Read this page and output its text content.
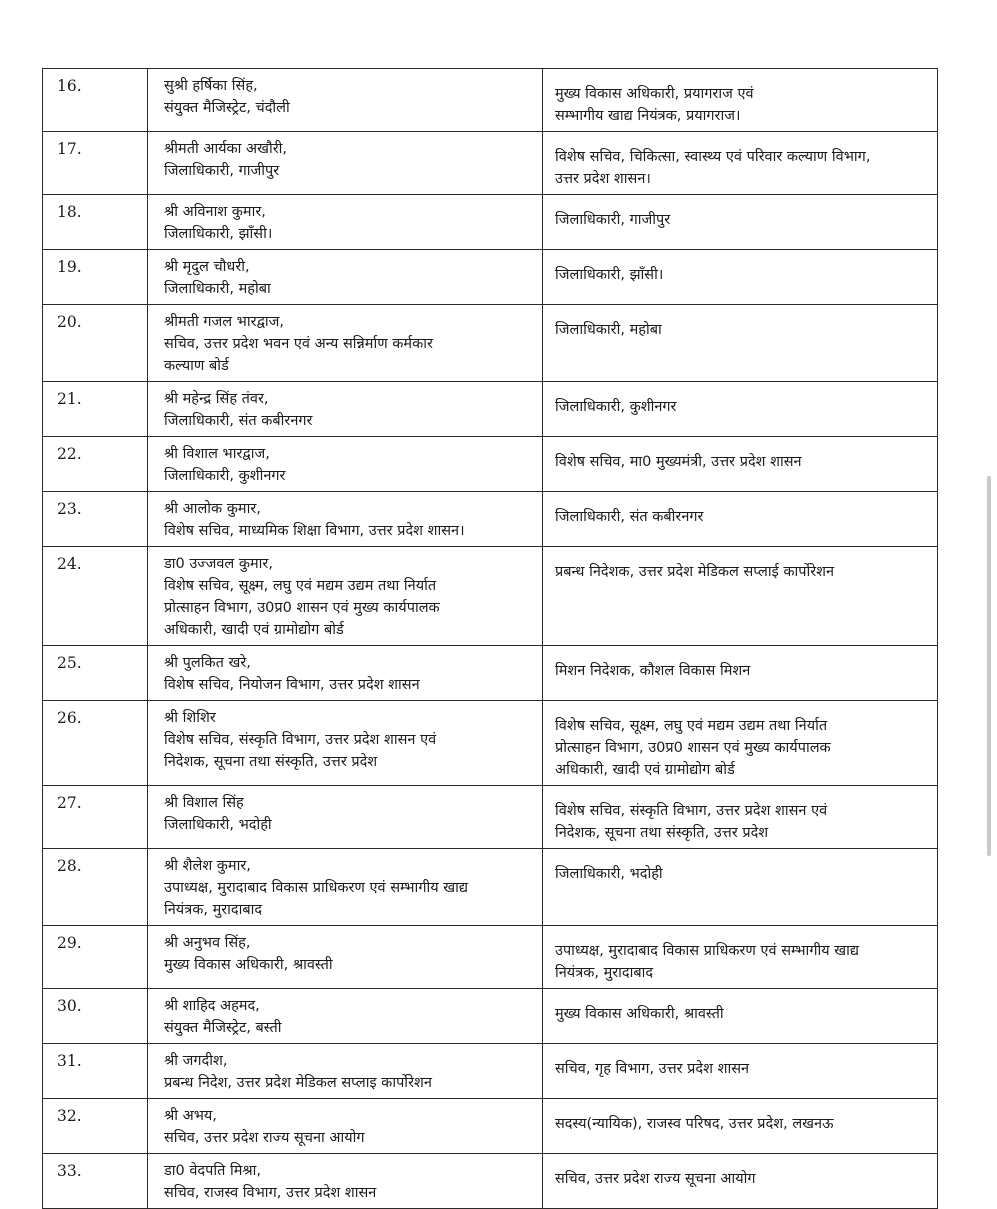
16.	सुश्री हर्षिका सिंह,
संयुक्त मैजिस्ट्रेट, चंदौली	मुख्य विकास अधिकारी, प्रयागराज एवं
सम्भागीय खाद्य नियंत्रक, प्रयागराज।

17.	श्रीमती आर्यका अखौरी,
जिलाधिकारी, गाजीपुर	विशेष सचिव, चिकित्सा, स्वास्थ्य एवं परिवार कल्याण विभाग,
उत्तर प्रदेश शासन।

18.	श्री अविनाश कुमार,
जिलाधिकारी, झाँसी।	जिलाधिकारी, गाजीपुर

19.	श्री मृदुल चौधरी,
जिलाधिकारी, महोबा	जिलाधिकारी, झाँसी।

20.	श्रीमती गजल भारद्वाज,
सचिव, उत्तर प्रदेश भवन एवं अन्य सन्निर्माण कर्मकार
कल्याण बोर्ड	जिलाधिकारी, महोबा

21.	श्री महेन्द्र सिंह तंवर,
जिलाधिकारी, संत कबीरनगर	जिलाधिकारी, कुशीनगर

22.	श्री विशाल भारद्वाज,
जिलाधिकारी, कुशीनगर	विशेष सचिव, मा0 मुख्यमंत्री, उत्तर प्रदेश शासन

23.	श्री आलोक कुमार,
विशेष सचिव, माध्यमिक शिक्षा विभाग, उत्तर प्रदेश शासन।	जिलाधिकारी, संत कबीरनगर

24.	डा0 उज्जवल कुमार,
विशेष सचिव, सूक्ष्म, लघु एवं मद्यम उद्यम तथा निर्यात
प्रोत्साहन विभाग, उ0प्र0 शासन एवं मुख्य कार्यपालक
अधिकारी, खादी एवं ग्रामोद्योग बोर्ड	प्रबन्ध निदेशक, उत्तर प्रदेश मेडिकल सप्लाई कार्पोरेशन

25.	श्री पुलकित खरे,
विशेष सचिव, नियोजन विभाग, उत्तर प्रदेश शासन	मिशन निदेशक, कौशल विकास मिशन

26.	श्री शिशिर
विशेष सचिव, संस्कृति विभाग, उत्तर प्रदेश शासन एवं
निदेशक, सूचना तथा संस्कृति, उत्तर प्रदेश	विशेष सचिव, सूक्ष्म, लघु एवं मद्यम उद्यम तथा निर्यात
प्रोत्साहन विभाग, उ0प्र0 शासन एवं मुख्य कार्यपालक
अधिकारी, खादी एवं ग्रामोद्योग बोर्ड

27.	श्री विशाल सिंह
जिलाधिकारी, भदोही	विशेष सचिव, संस्कृति विभाग, उत्तर प्रदेश शासन एवं
निदेशक, सूचना तथा संस्कृति, उत्तर प्रदेश

28.	श्री शैलेश कुमार,
उपाध्यक्ष, मुरादाबाद विकास प्राधिकरण एवं सम्भागीय खाद्य
नियंत्रक, मुरादाबाद	जिलाधिकारी, भदोही

29.	श्री अनुभव सिंह,
मुख्य विकास अधिकारी, श्रावस्ती	उपाध्यक्ष, मुरादाबाद विकास प्राधिकरण एवं सम्भागीय खाद्य
नियंत्रक, मुरादाबाद

30.	श्री शाहिद अहमद,
संयुक्त मैजिस्ट्रेट, बस्ती	मुख्य विकास अधिकारी, श्रावस्ती

31.	श्री जगदीश,
प्रबन्ध निदेश, उत्तर प्रदेश मेडिकल सप्लाइ कार्पोरेशन	सचिव, गृह विभाग, उत्तर प्रदेश शासन

32.	श्री अभय,
सचिव, उत्तर प्रदेश राज्य सूचना आयोग	सदस्य(न्यायिक), राजस्व परिषद, उत्तर प्रदेश, लखनऊ

33.	डा0 वेदपति मिश्रा,
सचिव, राजस्व विभाग, उत्तर प्रदेश शासन	सचिव, उत्तर प्रदेश राज्य सूचना आयोग
